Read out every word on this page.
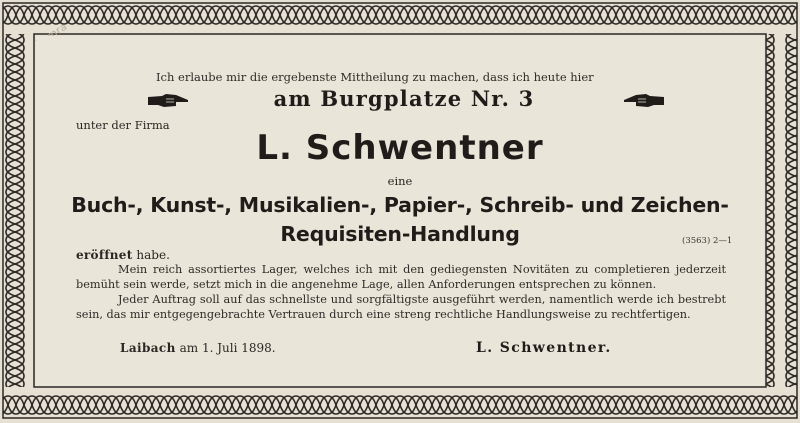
Ich erlaube mir die ergebenste Mittheilung zu machen, dass ich heute hier
am Burgplatze Nr. 3
unter der Firma
L. Schwentner
eine
Buch-, Kunst-, Musikalien-, Papier-, Schreib- und Zeichen-
Requisiten-Handlung	(3563) 2—1
eröffnet habe.
Mein reich assortiertes Lager, welches ich mit den gediegensten Novitäten zu completieren jederzeit bemüht sein werde, setzt mich in die angenehme Lage, allen Anforderungen entsprechen zu können.
Jeder Auftrag soll auf das schnellste und sorgfältigste ausgeführt werden, namentlich werde ich bestrebt sein, das mir entgegengebrachte Vertrauen durch eine streng rechtliche Handlungsweise zu rechtfertigen.
Laibach am 1. Juli 1898.	L. Schwentner.
